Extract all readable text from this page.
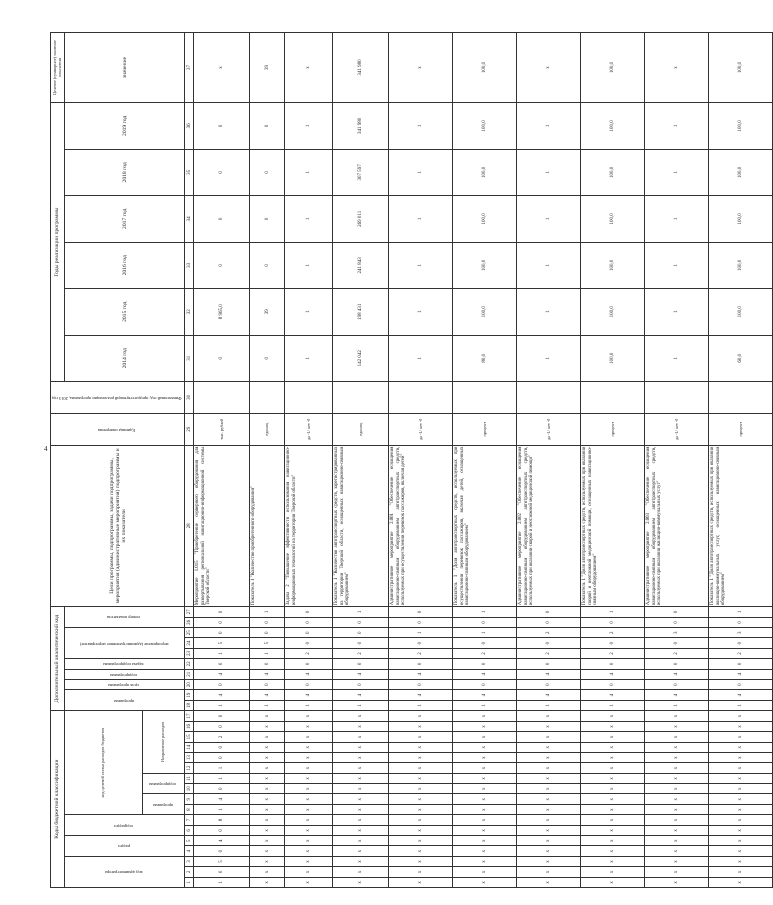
4
Коды бюджетной классификации																	Дополнительный аналитический код										Цели программы, подпрограммы, задачи подпрограммы, мероприятия (административные мероприятия) подпрограммы и их показатели	Единица измерения	Финансовый год, предшествующий реализации программы, 2013 год	Годы реализации программы						Целевое (суммарное) значение показателя
код администратора			раздел		подраздел		код целевой статьи расходов бюджетов										программа		цель программы	подпрограмма	задача подпрограммы	мероприятие (административное мероприятие)			номер показателя					2014 год	2015 год	2016 год	2017 год	2018 год	2019 год	значение
							программа		подпрограмма		Направление расходов																									
1	2	3	4	5	6	7	8	9	10	11	12	13	14	15	16	17	18	19	20	21	22	23	24	25	26	27	28	29	30	31	32	33	34	35	36	37
1	0	5	0	4	0	8	1	4	0	1	1	0	0	2	0	0	1	4	0	4	0	1	5	0	0	0	Мероприятие 1.015 "Приобретение серверного оборудования для развертывания региональной навигационно-информационной системы Тверской области"	тыс. рублей		0	8 965,0	0	0	0	0	х
х	х	х	х	х	х	х	х	х	х	х	х	х	х	х	х	х	1	4	0	4	0	1	5	0	0	1	Показатель 1 "Количество приобретенного оборудования"	единиц		0	39	0	0	0	0	39
х	х	х	х	х	х	х	х	х	х	х	х	х	х	х	х	х	1	4	0	4	0	2	0	0	0	0	Задача 2 "Повышение эффективности использования навигационно-информационных технологий на территории Тверской области"	да -1/ нет -0		1	1	1	1	1	1	х
х	х	х	х	х	х	х	х	х	х	х	х	х	х	х	х	х	1	4	0	4	0	2	0	0	0	1	Показатель 1 "Количество автотранспортных средств, зарегистрированных на территории Тверской области, оснащенных навигационно-связным оборудованием"	единиц		142 042	198 431	241 843	269 011	307 597	341 980	341 980
х	х	х	х	х	х	х	х	х	х	х	х	х	х	х	х	х	1	4	0	4	0	2	0	1	0	0	Административное мероприятие 2.001 "Обеспечение оснащения навигационно-связным оборудованием автотранспортных средств, используемых при осуществлении перевозок пассажиров, включая детей"	да -1/ нет -0		1	1	1	1	1	1	х
х	х	х	х	х	х	х	х	х	х	х	х	х	х	х	х	х	1	4	0	4	0	2	0	1	0	1	Показатель 1 "Доля автотранспортных средств, используемых при осуществлении перевозок пассажиров, включая детей, оснащенных навигационно-связным оборудованием"	процент		80,0	100,0	100,0	100,0	100,0	100,0	100,0
х	х	х	х	х	х	х	х	х	х	х	х	х	х	х	х	х	1	4	0	4	0	2	0	2	0	0	Административное мероприятие 2.002 "Обеспечение оснащения навигационно-связным оборудованием автотранспортных средств, используемых при оказании скорой и неотложной медицинской помощи"	да -1/ нет -0		1	1	1	1	1	1	х
х	х	х	х	х	х	х	х	х	х	х	х	х	х	х	х	х	1	4	0	4	0	2	0	2	0	1	Показатель 1 "Доля автотранспортных средств, используемых при оказании скорой и неотложной медицинской помощи, оснащенных навигационно-связным оборудованием"	процент		100,0	100,0	100,0	100,0	100,0	100,0	100,0
х	х	х	х	х	х	х	х	х	х	х	х	х	х	х	х	х	1	4	0	4	0	2	0	3	0	0	Административное мероприятие 2.003 "Обеспечение оснащения навигационно-связным оборудованием автотранспортных средств, используемых при оказании жилищно-коммунальных услуг"	да -1/ нет -0		1	1	1	1	1	1	х
х	х	х	х	х	х	х	х	х	х	х	х	х	х	х	х	х	1	4	0	4	0	2	0	3	0	1	Показатель 1 "Доля автотранспортных средств, используемых при оказании жилищно-коммунальных услуг, оснащенных навигационно-связным оборудованием"	процент		60,0	100,0	100,0	100,0	100,0	100,0	100,0
